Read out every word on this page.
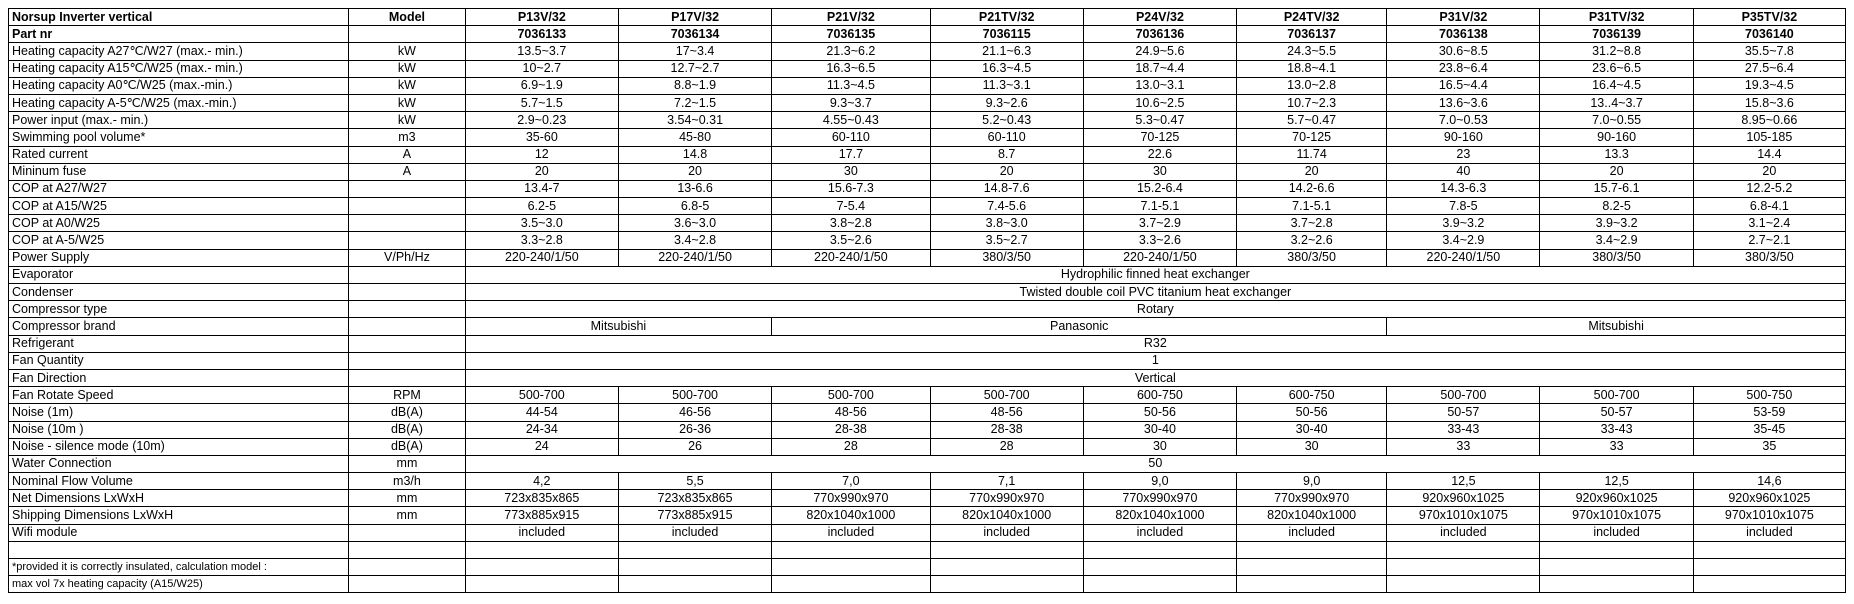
Norsup Inverter vertical	Model	P13V/32	P17V/32	P21V/32	P21TV/32	P24V/32	P24TV/32	P31V/32	P31TV/32	P35TV/32
Part nr		7036133	7036134	7036135	7036115	7036136	7036137	7036138	7036139	7036140
Heating capacity A27℃/W27 (max.- min.)	kW	13.5~3.7	17~3.4	21.3~6.2	21.1~6.3	24.9~5.6	24.3~5.5	30.6~8.5	31.2~8.8	35.5~7.8
Heating capacity A15℃/W25 (max.- min.)	kW	10~2.7	12.7~2.7	16.3~6.5	16.3~4.5	18.7~4.4	18.8~4.1	23.8~6.4	23.6~6.5	27.5~6.4
Heating capacity A0℃/W25 (max.-min.)	kW	6.9~1.9	8.8~1.9	11.3~4.5	11.3~3.1	13.0~3.1	13.0~2.8	16.5~4.4	16.4~4.5	19.3~4.5
Heating capacity A-5℃/W25 (max.-min.)	kW	5.7~1.5	7.2~1.5	9.3~3.7	9.3~2.6	10.6~2.5	10.7~2.3	13.6~3.6	13..4~3.7	15.8~3.6
Power input (max.- min.)	kW	2.9~0.23	3.54~0.31	4.55~0.43	5.2~0.43	5.3~0.47	5.7~0.47	7.0~0.53	7.0~0.55	8.95~0.66
Swimming pool volume*	m3	35-60	45-80	60-110	60-110	70-125	70-125	90-160	90-160	105-185
Rated current	A	12	14.8	17.7	8.7	22.6	11.74	23	13.3	14.4
Mininum fuse	A	20	20	30	20	30	20	40	20	20
COP at A27/W27		13.4-7	13-6.6	15.6-7.3	14.8-7.6	15.2-6.4	14.2-6.6	14.3-6.3	15.7-6.1	12.2-5.2
COP at A15/W25		6.2-5	6.8-5	7-5.4	7.4-5.6	7.1-5.1	7.1-5.1	7.8-5	8.2-5	6.8-4.1
COP at A0/W25		3.5~3.0	3.6~3.0	3.8~2.8	3.8~3.0	3.7~2.9	3.7~2.8	3.9~3.2	3.9~3.2	3.1~2.4
COP at A-5/W25		3.3~2.8	3.4~2.8	3.5~2.6	3.5~2.7	3.3~2.6	3.2~2.6	3.4~2.9	3.4~2.9	2.7~2.1
Power Supply	V/Ph/Hz	220-240/1/50	220-240/1/50	220-240/1/50	380/3/50	220-240/1/50	380/3/50	220-240/1/50	380/3/50	380/3/50
Evaporator		Hydrophilic finned heat exchanger								
Condenser		Twisted double coil PVC titanium heat exchanger								
Compressor type		Rotary								
Compressor brand		Mitsubishi		Panasonic				Mitsubishi		
Refrigerant		R32								
Fan Quantity		1								
Fan Direction		Vertical								
Fan Rotate Speed	RPM	500-700	500-700	500-700	500-700	600-750	600-750	500-700	500-700	500-750
Noise (1m)	dB(A)	44-54	46-56	48-56	48-56	50-56	50-56	50-57	50-57	53-59
Noise (10m )	dB(A)	24-34	26-36	28-38	28-38	30-40	30-40	33-43	33-43	35-45
Noise - silence mode (10m)	dB(A)	24	26	28	28	30	30	33	33	35
Water Connection	mm	50								
Nominal Flow Volume	m3/h	4,2	5,5	7,0	7,1	9,0	9,0	12,5	12,5	14,6
Net Dimensions LxWxH	mm	723x835x865	723x835x865	770x990x970	770x990x970	770x990x970	770x990x970	920x960x1025	920x960x1025	920x960x1025
Shipping Dimensions LxWxH	mm	773x885x915	773x885x915	820x1040x1000	820x1040x1000	820x1040x1000	820x1040x1000	970x1010x1075	970x1010x1075	970x1010x1075
Wifi module		included	included	included	included	included	included	included	included	included

*provided it is correctly insulated, calculation model :										
max vol 7x heating capacity (A15/W25)										
